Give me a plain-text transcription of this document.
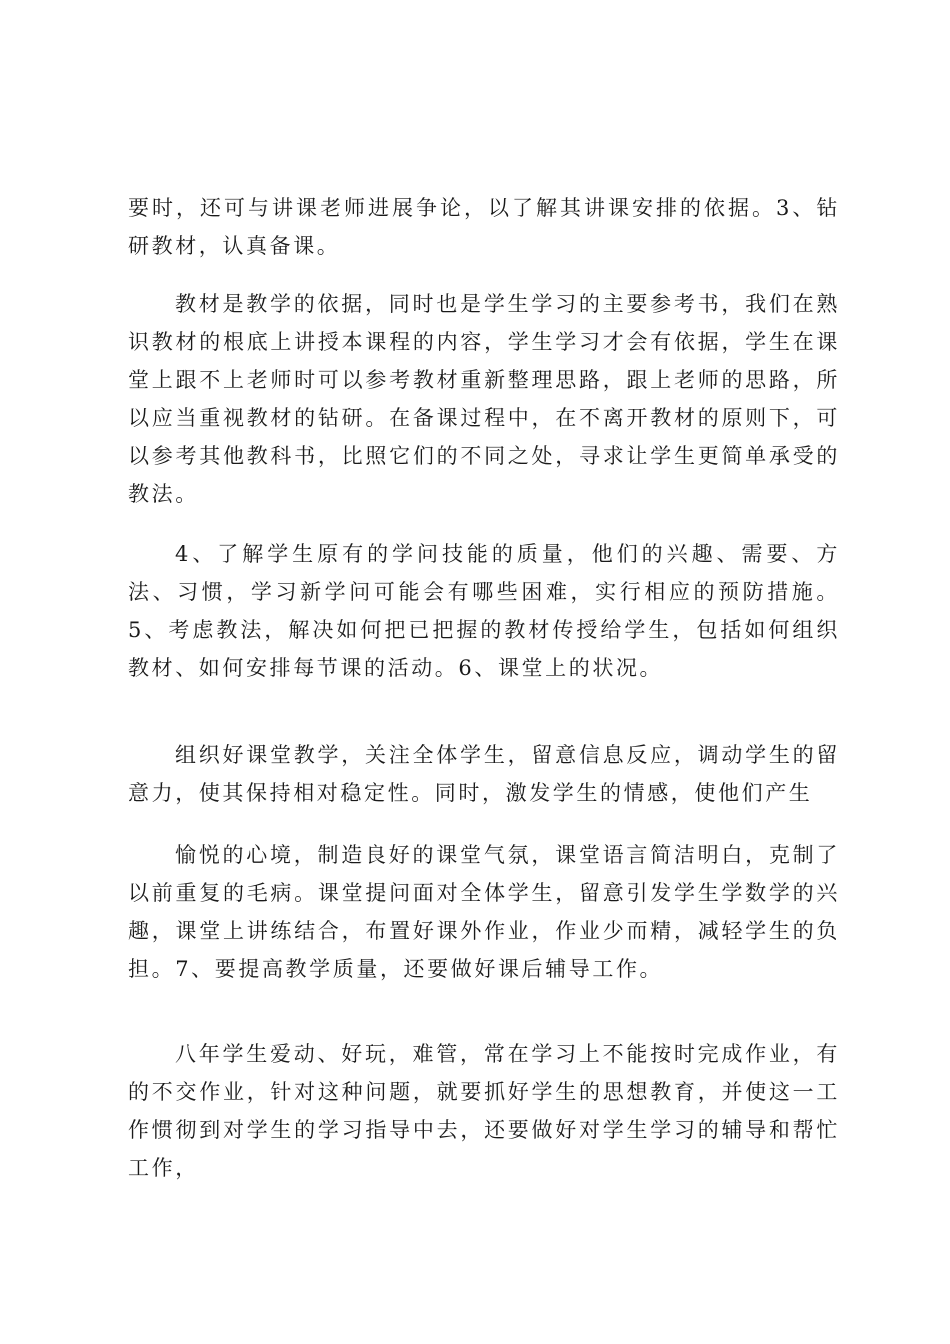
要时，还可与讲课老师进展争论，以了解其讲课安排的依据。3、钻研教材，认真备课。

教材是教学的依据，同时也是学生学习的主要参考书，我们在熟识教材的根底上讲授本课程的内容，学生学习才会有依据，学生在课堂上跟不上老师时可以参考教材重新整理思路，跟上老师的思路，所以应当重视教材的钻研。在备课过程中，在不离开教材的原则下，可以参考其他教科书，比照它们的不同之处，寻求让学生更简单承受的教法。

4、了解学生原有的学问技能的质量，他们的兴趣、需要、方法、习惯，学习新学问可能会有哪些困难，实行相应的预防措施。5、考虑教法，解决如何把已把握的教材传授给学生，包括如何组织教材、如何安排每节课的活动。6、课堂上的状况。

组织好课堂教学，关注全体学生，留意信息反应，调动学生的留意力，使其保持相对稳定性。同时，激发学生的情感，使他们产生

愉悦的心境，制造良好的课堂气氛，课堂语言简洁明白，克制了以前重复的毛病。课堂提问面对全体学生，留意引发学生学数学的兴趣，课堂上讲练结合，布置好课外作业，作业少而精，减轻学生的负担。7、要提高教学质量，还要做好课后辅导工作。

八年学生爱动、好玩，难管，常在学习上不能按时完成作业，有的不交作业，针对这种问题，就要抓好学生的思想教育，并使这一工作惯彻到对学生的学习指导中去，还要做好对学生学习的辅导和帮忙工作，
